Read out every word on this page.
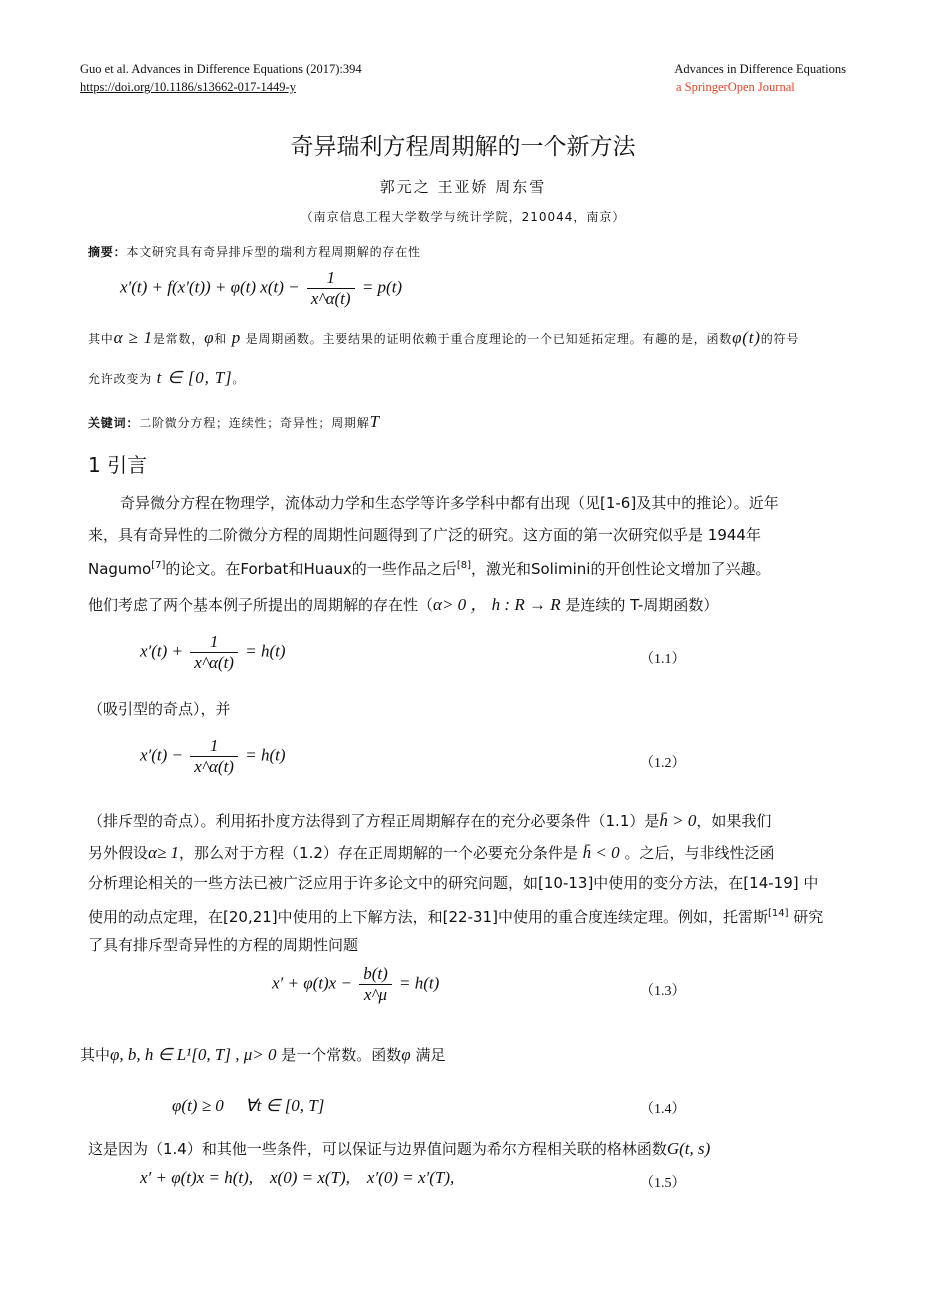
Guo et al. Advances in Difference Equations (2017):394
https://doi.org/10.1186/s13662-017-1449-y
Advances in Difference Equations
a SpringerOpen Journal
奇异瑞利方程周期解的一个新方法
郭元之 王亚娇 周东雪
（南京信息工程大学数学与统计学院，210044，南京）
摘要：本文研究具有奇异排斥型的瑞利方程周期解的存在性
x′(t) + f(x′(t)) + φ(t) $x(t) - \frac{1}{x\^{}\alpha(t)} = p(t)$
其中α ≥ 1是常数，φ和 p 是周期函数。主要结果的证明依赖于重合度理论的一个已知延拓定理。有趣的是，函数φ(t)的符号
允许改变为 t ∈ [0, T]。
关键词：二阶微分方程；连续性；奇异性；周期解T
1 引言
奇异微分方程在物理学，流体动力学和生态学等许多学科中都有出现（见[1-6]及其中的推论）。近年
来，具有奇异性的二阶微分方程的周期性问题得到了广泛的研究。这方面的第一次研究似乎是 1944年
Nagumo[7]的论文。在Forbat和Huaux的一些作品之后[8]，激光和Solimini的开创性论文增加了兴趣。
他们考虑了两个基本例子所提出的周期解的存在性（α> 0 ， h : R → R 是连续的 T-周期函数）
$x'(t) + \frac{1}{x\^{}\alpha(t)} = h(t)$	（1.1）
（吸引型的奇点），并
$x'(t) - \frac{1}{x\^{}\alpha(t)} = h(t)$	（1.2）
（排斥型的奇点）。利用拓扑度方法得到了方程正周期解存在的充分必要条件（1.1）是h̄ > 0，如果我们
另外假设α≥ 1，那么对于方程（1.2）存在正周期解的一个必要充分条件是 h̄ < 0 。之后，与非线性泛函
分析理论相关的一些方法已被广泛应用于许多论文中的研究问题，如[10-13]中使用的变分方法，在[14-19] 中
使用的动点定理，在[20,21]中使用的上下解方法，和[22-31]中使用的重合度连续定理。例如，托雷斯[14] 研究
了具有排斥型奇异性的方程的周期性问题
$x' + \varphi(t)x - \frac{b(t)}{x\^{}\mu} = h(t)$	（1.3）
其中φ, b, h ∈ L¹[0, T] , μ> 0 是一个常数。函数φ 满足
φ(t) ≥ 0     ∀t ∈ [0, T]	（1.4）
这是因为（1.4）和其他一些条件，可以保证与边界值问题为希尔方程相关联的格林函数G(t, s)
x′ + φ(t)x = h(t),    x(0) = x(T),    x′(0) = x′(T),	（1.5）
